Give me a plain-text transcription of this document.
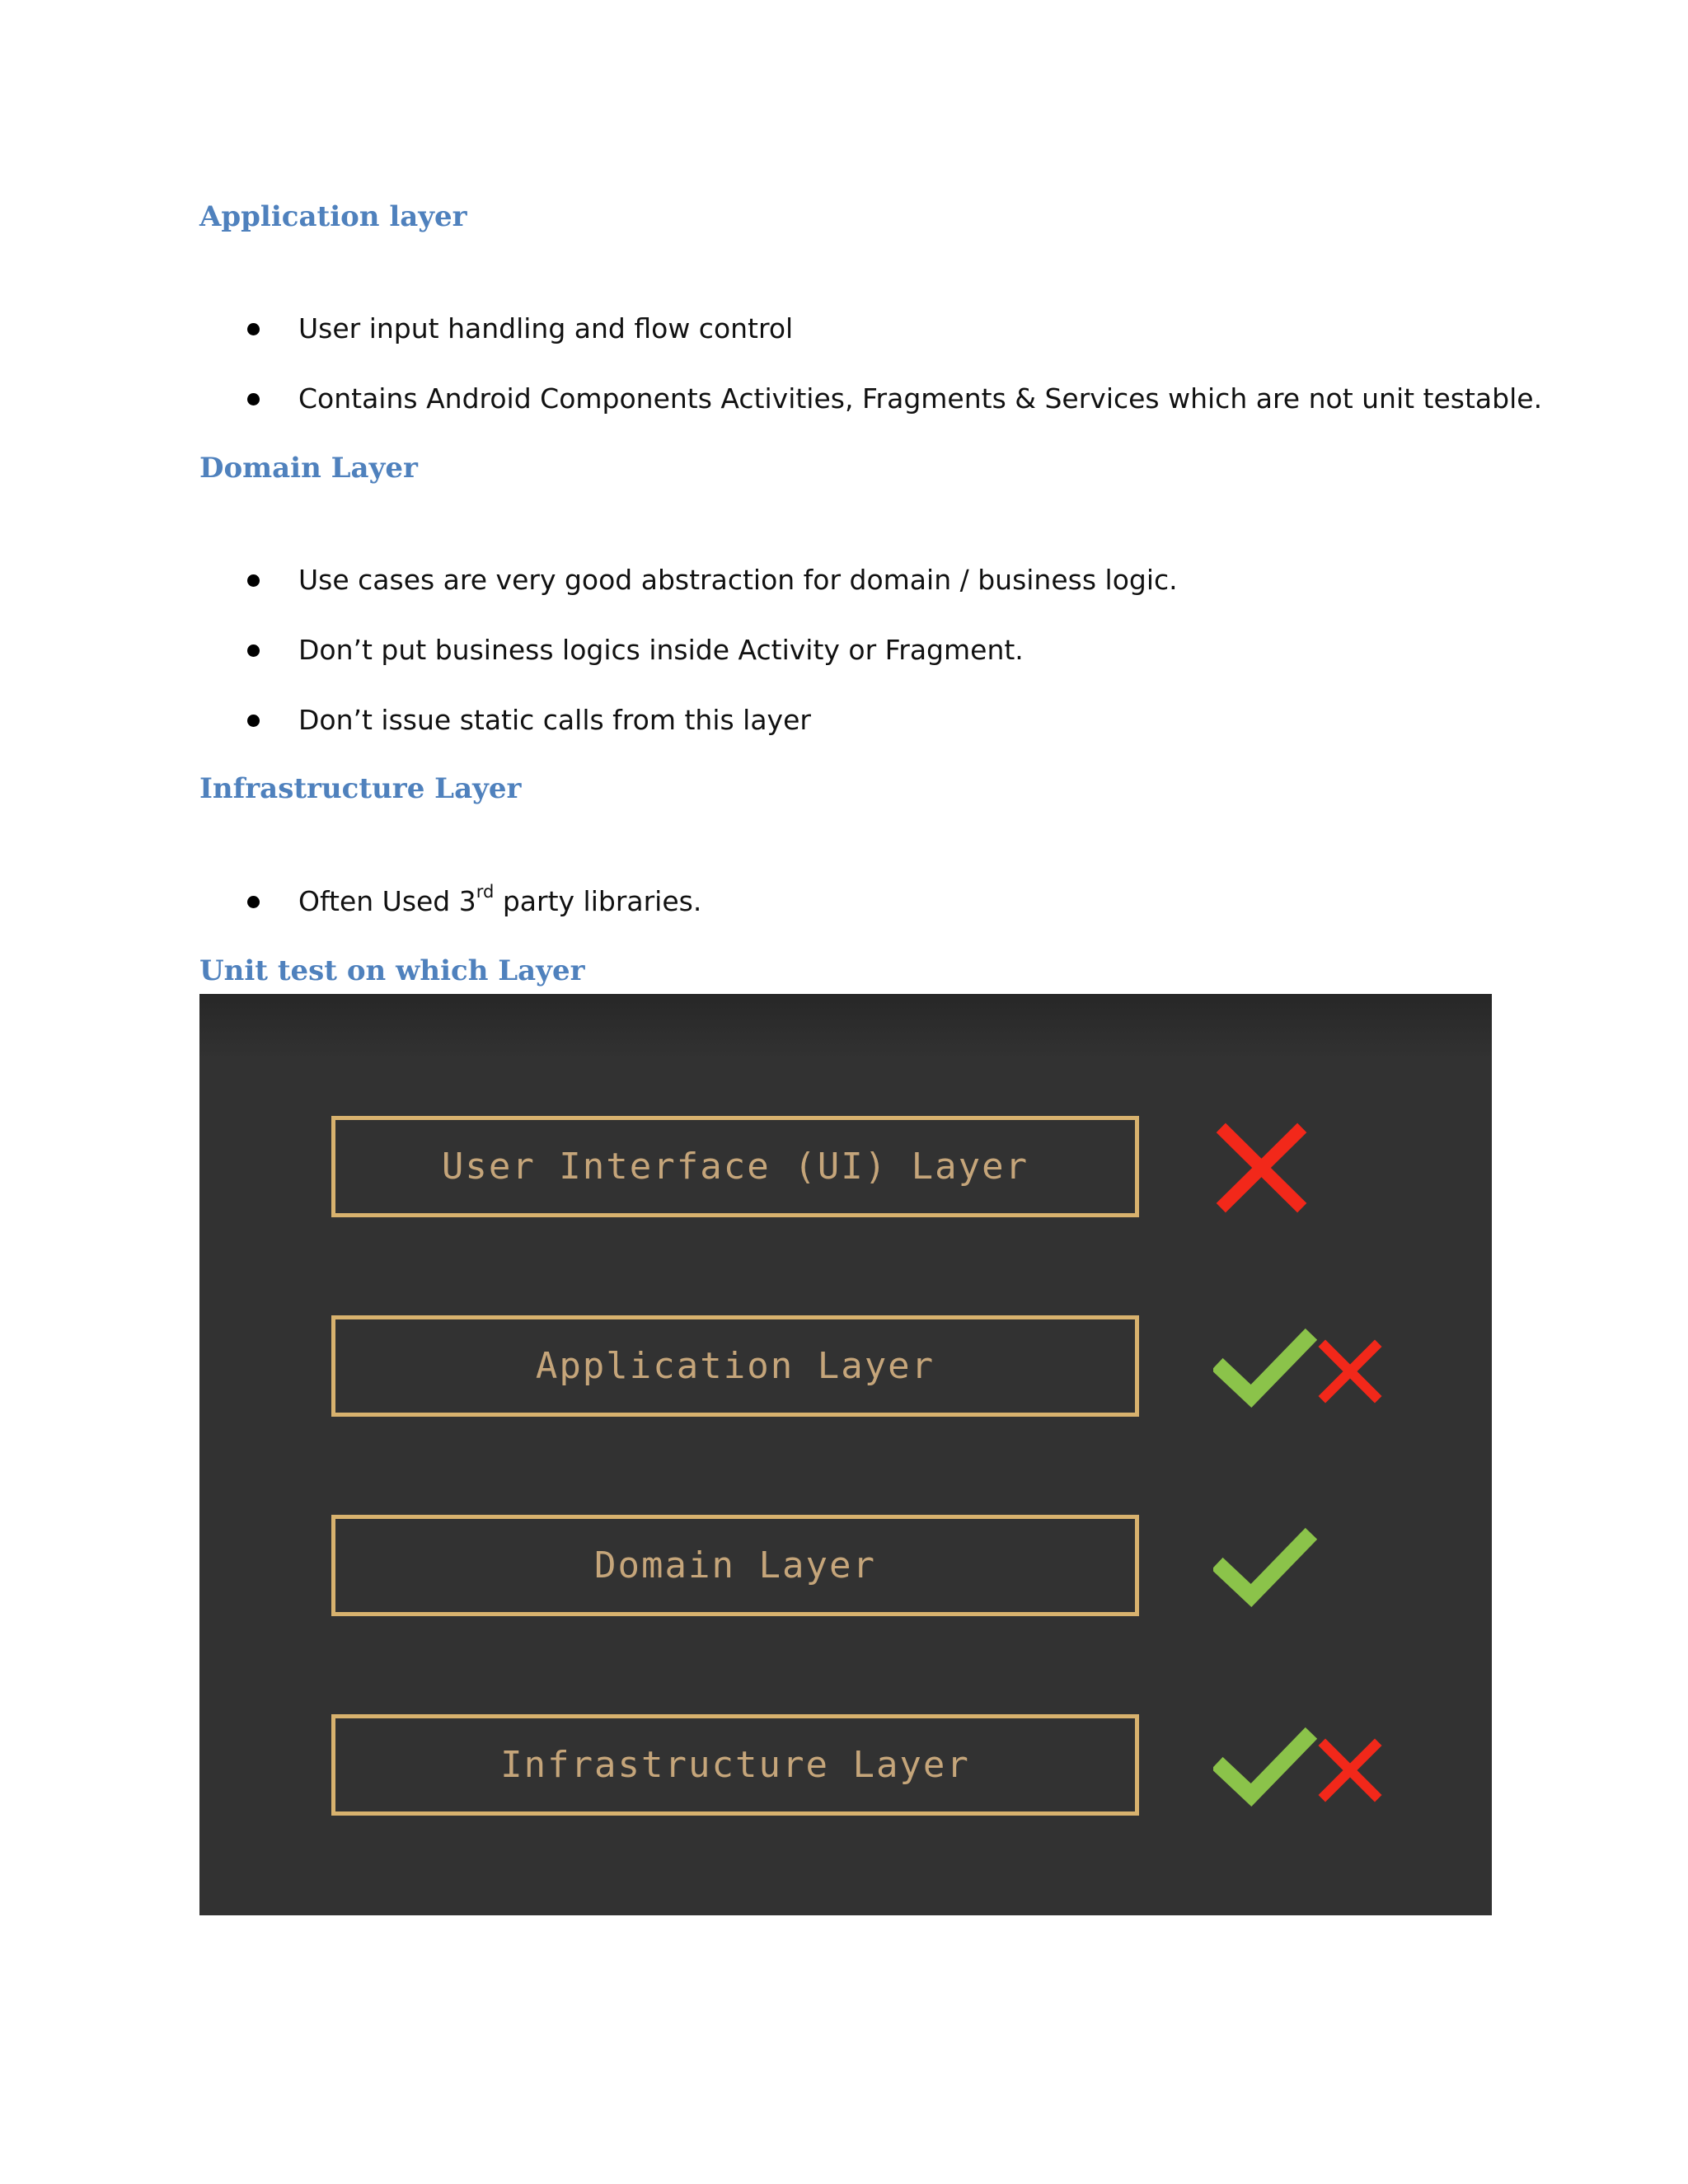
Application layer
User input handling and flow control
Contains Android Components Activities, Fragments & Services which are not unit testable.
Domain Layer
Use cases are very good abstraction for domain / business logic.
Don’t put business logics inside Activity or Fragment.
Don’t issue static calls from this layer
Infrastructure Layer
Often Used 3rd party libraries.
Unit test on which Layer
User Interface (UI) Layer
Application Layer
Domain Layer
Infrastructure Layer
